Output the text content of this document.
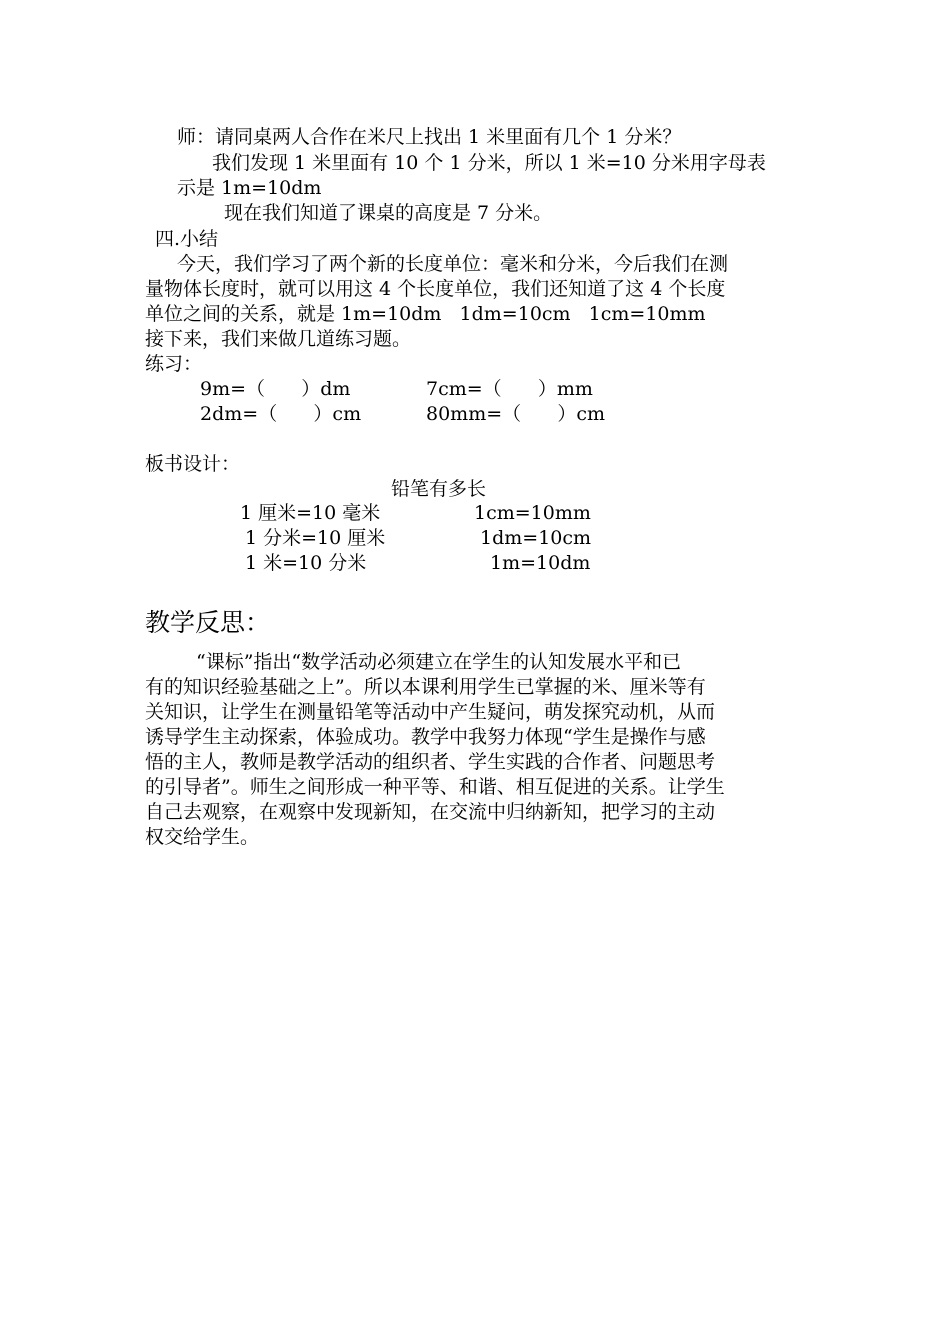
师：请同桌两人合作在米尺上找出 1 米里面有几个 1 分米？
我们发现 1 米里面有 10 个 1 分米，所以 1 米=10 分米用字母表
示是 1m=10dm
现在我们知道了课桌的高度是 7 分米。
四.小结
今天，我们学习了两个新的长度单位：毫米和分米，今后我们在测
量物体长度时，就可以用这 4 个长度单位，我们还知道了这 4 个长度
单位之间的关系，就是 1m=10dm   1dm=10cm   1cm=10mm
接下来，我们来做几道练习题。
练习：
9m=（      ）dm	7cm=（      ）mm
2dm=（      ）cm	80mm=（      ）cm
板书设计：
铅笔有多长
1 厘米=10 毫米	1cm=10mm
1 分米=10 厘米	1dm=10cm
1 米=10 分米	1m=10dm
教学反思：
“课标”指出“数学活动必须建立在学生的认知发展水平和已
有的知识经验基础之上”。所以本课利用学生已掌握的米、厘米等有
关知识，让学生在测量铅笔等活动中产生疑问，萌发探究动机，从而
诱导学生主动探索，体验成功。教学中我努力体现“学生是操作与感
悟的主人，教师是教学活动的组织者、学生实践的合作者、问题思考
的引导者”。师生之间形成一种平等、和谐、相互促进的关系。让学生
自己去观察，在观察中发现新知，在交流中归纳新知，把学习的主动
权交给学生。
